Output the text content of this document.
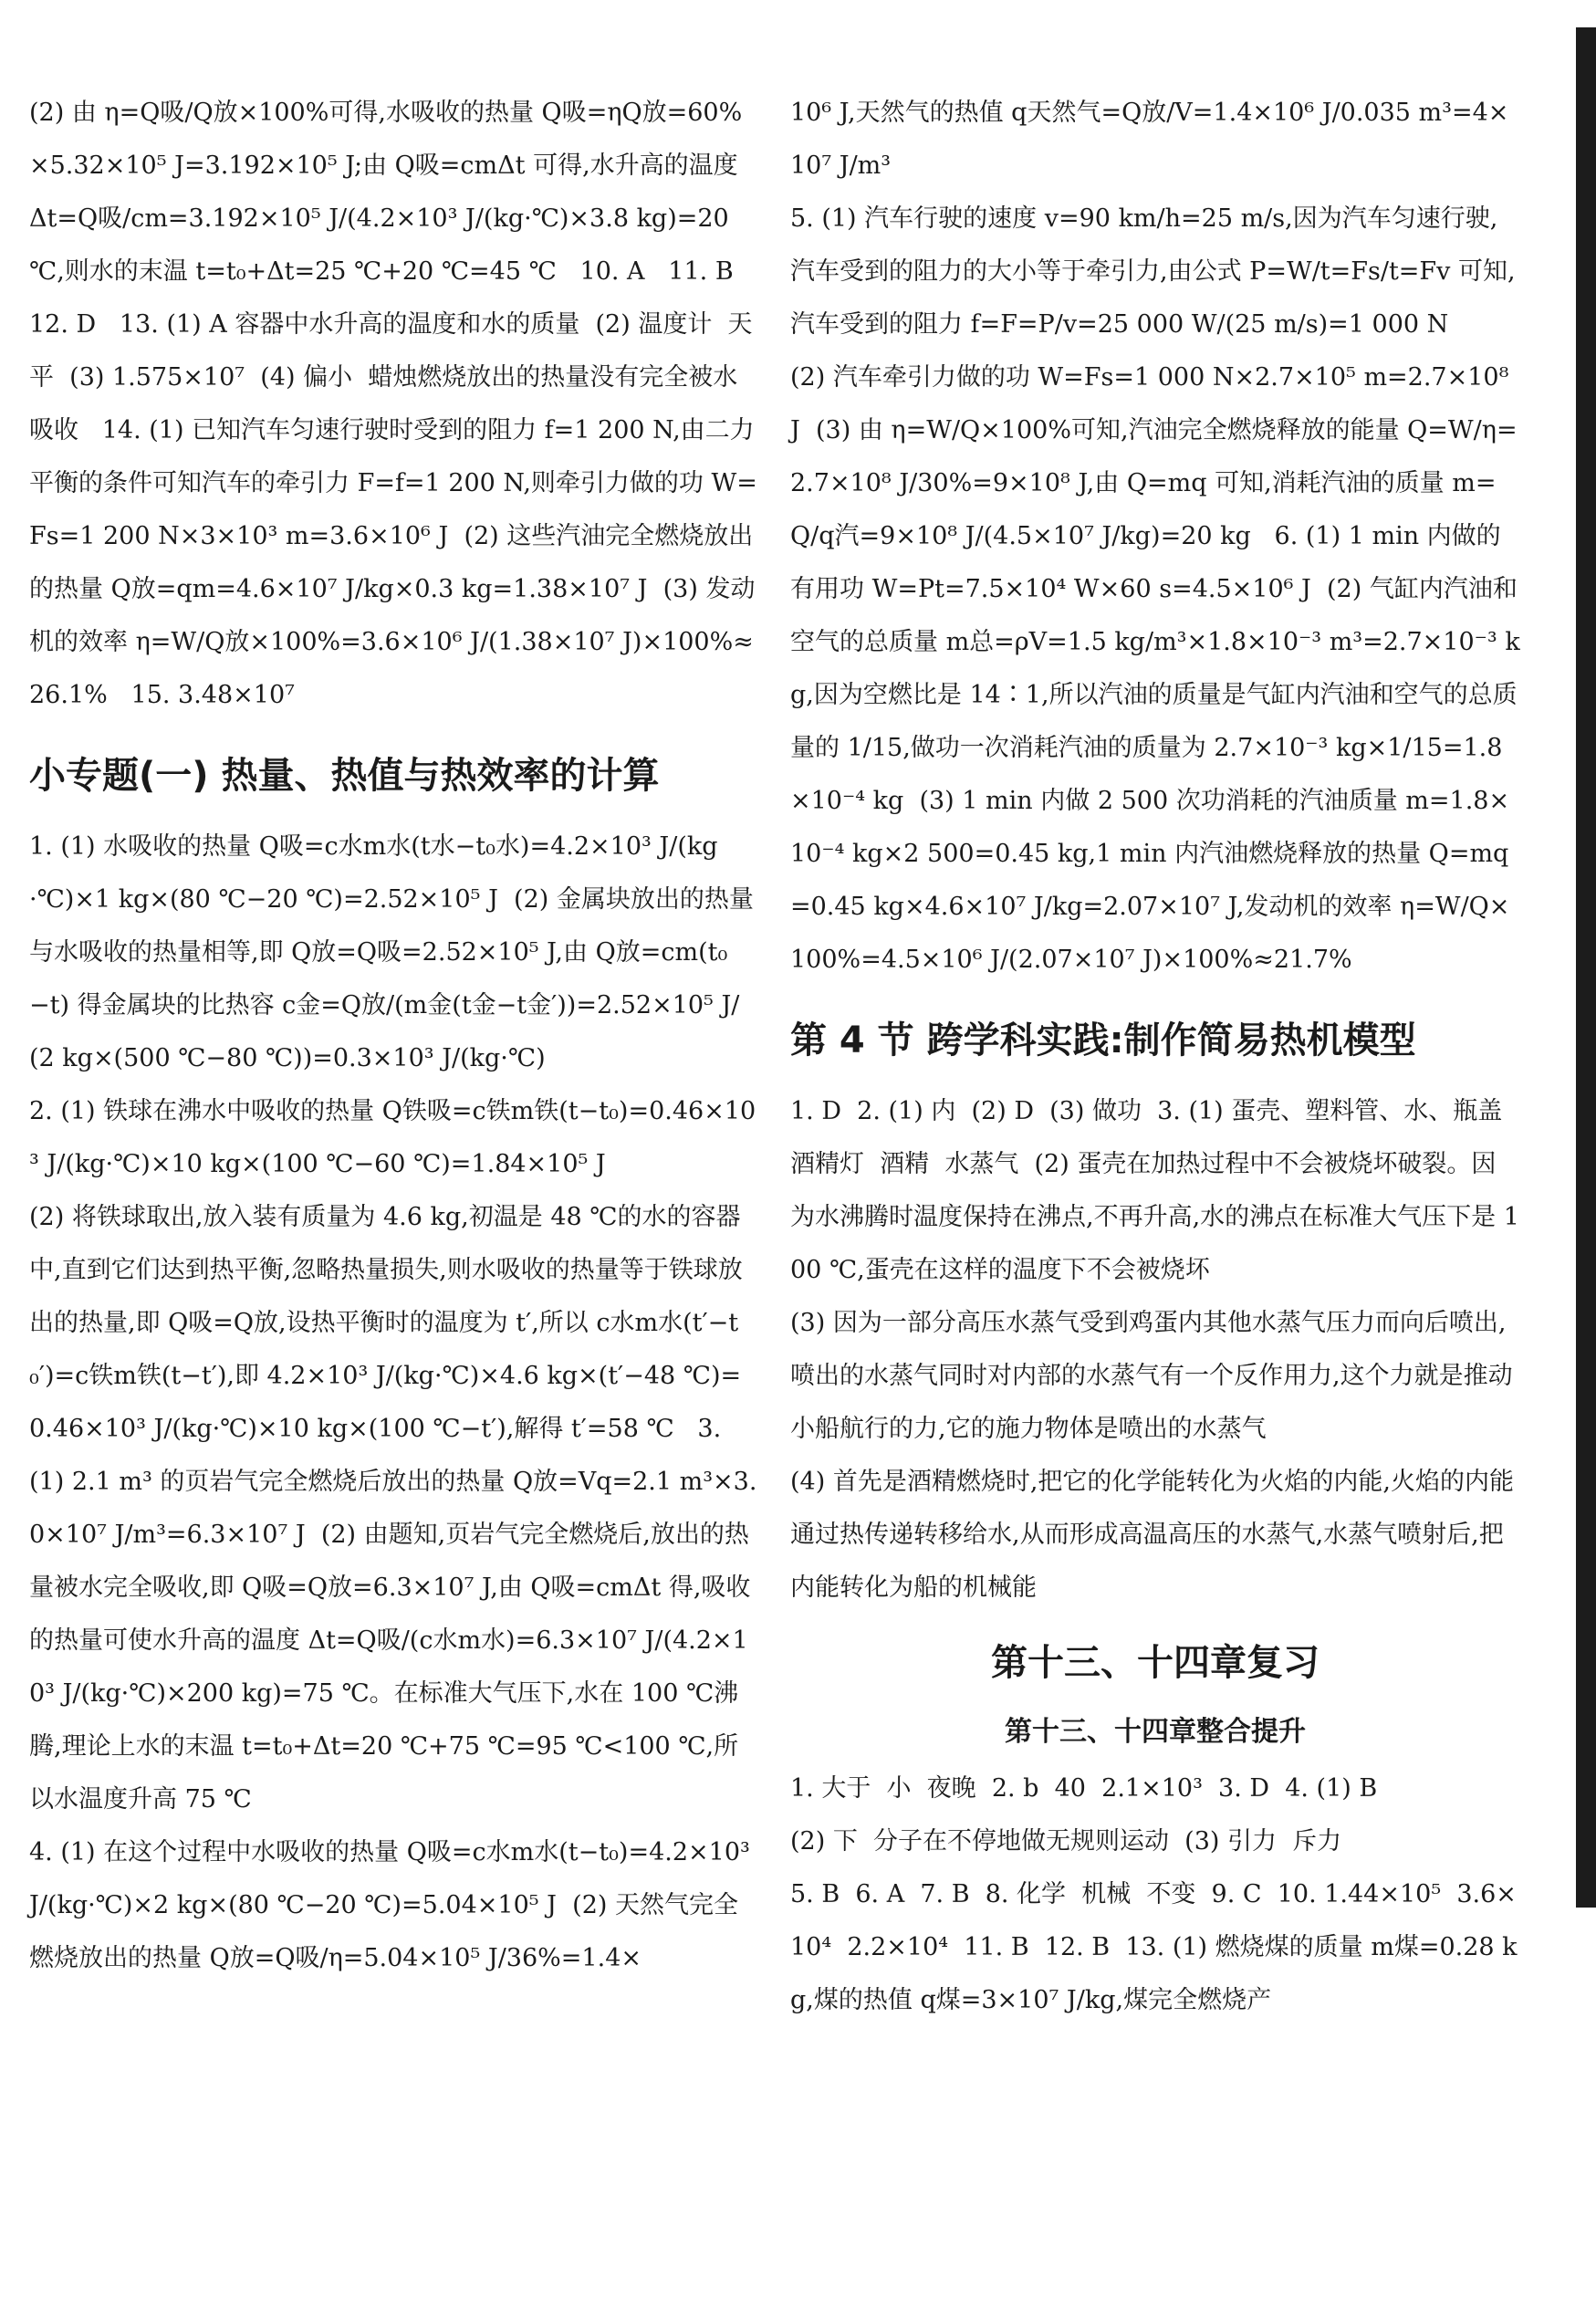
(2) 由 η=Q吸/Q放×100%可得,水吸收的热量 Q吸=ηQ放=60%×5.32×10⁵ J=3.192×10⁵ J;由 Q吸=cmΔt 可得,水升高的温度 Δt=Q吸/cm=3.192×10⁵ J/(4.2×10³ J/(kg·℃)×3.8 kg)=20 ℃,则水的末温 t=t₀+Δt=25 ℃+20 ℃=45 ℃   10. A   11. B   12. D   13. (1) A 容器中水升高的温度和水的质量  (2) 温度计  天平  (3) 1.575×10⁷  (4) 偏小  蜡烛燃烧放出的热量没有完全被水吸收   14. (1) 已知汽车匀速行驶时受到的阻力 f=1 200 N,由二力平衡的条件可知汽车的牵引力 F=f=1 200 N,则牵引力做的功 W=Fs=1 200 N×3×10³ m=3.6×10⁶ J  (2) 这些汽油完全燃烧放出的热量 Q放=qm=4.6×10⁷ J/kg×0.3 kg=1.38×10⁷ J  (3) 发动机的效率 η=W/Q放×100%=3.6×10⁶ J/(1.38×10⁷ J)×100%≈26.1%   15. 3.48×10⁷

小专题(一) 热量、热值与热效率的计算

1. (1) 水吸收的热量 Q吸=c水m水(t水−t₀水)=4.2×10³ J/(kg·℃)×1 kg×(80 ℃−20 ℃)=2.52×10⁵ J  (2) 金属块放出的热量与水吸收的热量相等,即 Q放=Q吸=2.52×10⁵ J,由 Q放=cm(t₀−t) 得金属块的比热容 c金=Q放/(m金(t金−t金′))=2.52×10⁵ J/(2 kg×(500 ℃−80 ℃))=0.3×10³ J/(kg·℃)
2. (1) 铁球在沸水中吸收的热量 Q铁吸=c铁m铁(t−t₀)=0.46×10³ J/(kg·℃)×10 kg×(100 ℃−60 ℃)=1.84×10⁵ J
(2) 将铁球取出,放入装有质量为 4.6 kg,初温是 48 ℃的水的容器中,直到它们达到热平衡,忽略热量损失,则水吸收的热量等于铁球放出的热量,即 Q吸=Q放,设热平衡时的温度为 t′,所以 c水m水(t′−t₀′)=c铁m铁(t−t′),即 4.2×10³ J/(kg·℃)×4.6 kg×(t′−48 ℃)=0.46×10³ J/(kg·℃)×10 kg×(100 ℃−t′),解得 t′=58 ℃   3. (1) 2.1 m³ 的页岩气完全燃烧后放出的热量 Q放=Vq=2.1 m³×3.0×10⁷ J/m³=6.3×10⁷ J  (2) 由题知,页岩气完全燃烧后,放出的热量被水完全吸收,即 Q吸=Q放=6.3×10⁷ J,由 Q吸=cmΔt 得,吸收的热量可使水升高的温度 Δt=Q吸/(c水m水)=6.3×10⁷ J/(4.2×10³ J/(kg·℃)×200 kg)=75 ℃。在标准大气压下,水在 100 ℃沸腾,理论上水的末温 t=t₀+Δt=20 ℃+75 ℃=95 ℃<100 ℃,所以水温度升高 75 ℃
4. (1) 在这个过程中水吸收的热量 Q吸=c水m水(t−t₀)=4.2×10³ J/(kg·℃)×2 kg×(80 ℃−20 ℃)=5.04×10⁵ J  (2) 天然气完全燃烧放出的热量 Q放=Q吸/η=5.04×10⁵ J/36%=1.4×

10⁶ J,天然气的热值 q天然气=Q放/V=1.4×10⁶ J/0.035 m³=4×10⁷ J/m³
5. (1) 汽车行驶的速度 v=90 km/h=25 m/s,因为汽车匀速行驶,汽车受到的阻力的大小等于牵引力,由公式 P=W/t=Fs/t=Fv 可知,汽车受到的阻力 f=F=P/v=25 000 W/(25 m/s)=1 000 N
(2) 汽车牵引力做的功 W=Fs=1 000 N×2.7×10⁵ m=2.7×10⁸ J  (3) 由 η=W/Q×100%可知,汽油完全燃烧释放的能量 Q=W/η=2.7×10⁸ J/30%=9×10⁸ J,由 Q=mq 可知,消耗汽油的质量 m=Q/q汽=9×10⁸ J/(4.5×10⁷ J/kg)=20 kg   6. (1) 1 min 内做的有用功 W=Pt=7.5×10⁴ W×60 s=4.5×10⁶ J  (2) 气缸内汽油和空气的总质量 m总=ρV=1.5 kg/m³×1.8×10⁻³ m³=2.7×10⁻³ kg,因为空燃比是 14∶1,所以汽油的质量是气缸内汽油和空气的总质量的 1/15,做功一次消耗汽油的质量为 2.7×10⁻³ kg×1/15=1.8×10⁻⁴ kg  (3) 1 min 内做 2 500 次功消耗的汽油质量 m=1.8×10⁻⁴ kg×2 500=0.45 kg,1 min 内汽油燃烧释放的热量 Q=mq=0.45 kg×4.6×10⁷ J/kg=2.07×10⁷ J,发动机的效率 η=W/Q×100%=4.5×10⁶ J/(2.07×10⁷ J)×100%≈21.7%

第 4 节 跨学科实践:制作简易热机模型

1. D  2. (1) 内  (2) D  (3) 做功  3. (1) 蛋壳、塑料管、水、瓶盖酒精灯  酒精  水蒸气  (2) 蛋壳在加热过程中不会被烧坏破裂。因为水沸腾时温度保持在沸点,不再升高,水的沸点在标准大气压下是 100 ℃,蛋壳在这样的温度下不会被烧坏
(3) 因为一部分高压水蒸气受到鸡蛋内其他水蒸气压力而向后喷出,喷出的水蒸气同时对内部的水蒸气有一个反作用力,这个力就是推动小船航行的力,它的施力物体是喷出的水蒸气
(4) 首先是酒精燃烧时,把它的化学能转化为火焰的内能,火焰的内能通过热传递转移给水,从而形成高温高压的水蒸气,水蒸气喷射后,把内能转化为船的机械能

第十三、十四章复习
第十三、十四章整合提升

1. 大于  小  夜晚  2. b  40  2.1×10³  3. D  4. (1) B
(2) 下  分子在不停地做无规则运动  (3) 引力  斥力
5. B  6. A  7. B  8. 化学  机械  不变  9. C  10. 1.44×10⁵  3.6×10⁴  2.2×10⁴  11. B  12. B  13. (1) 燃烧煤的质量 m煤=0.28 kg,煤的热值 q煤=3×10⁷ J/kg,煤完全燃烧产
